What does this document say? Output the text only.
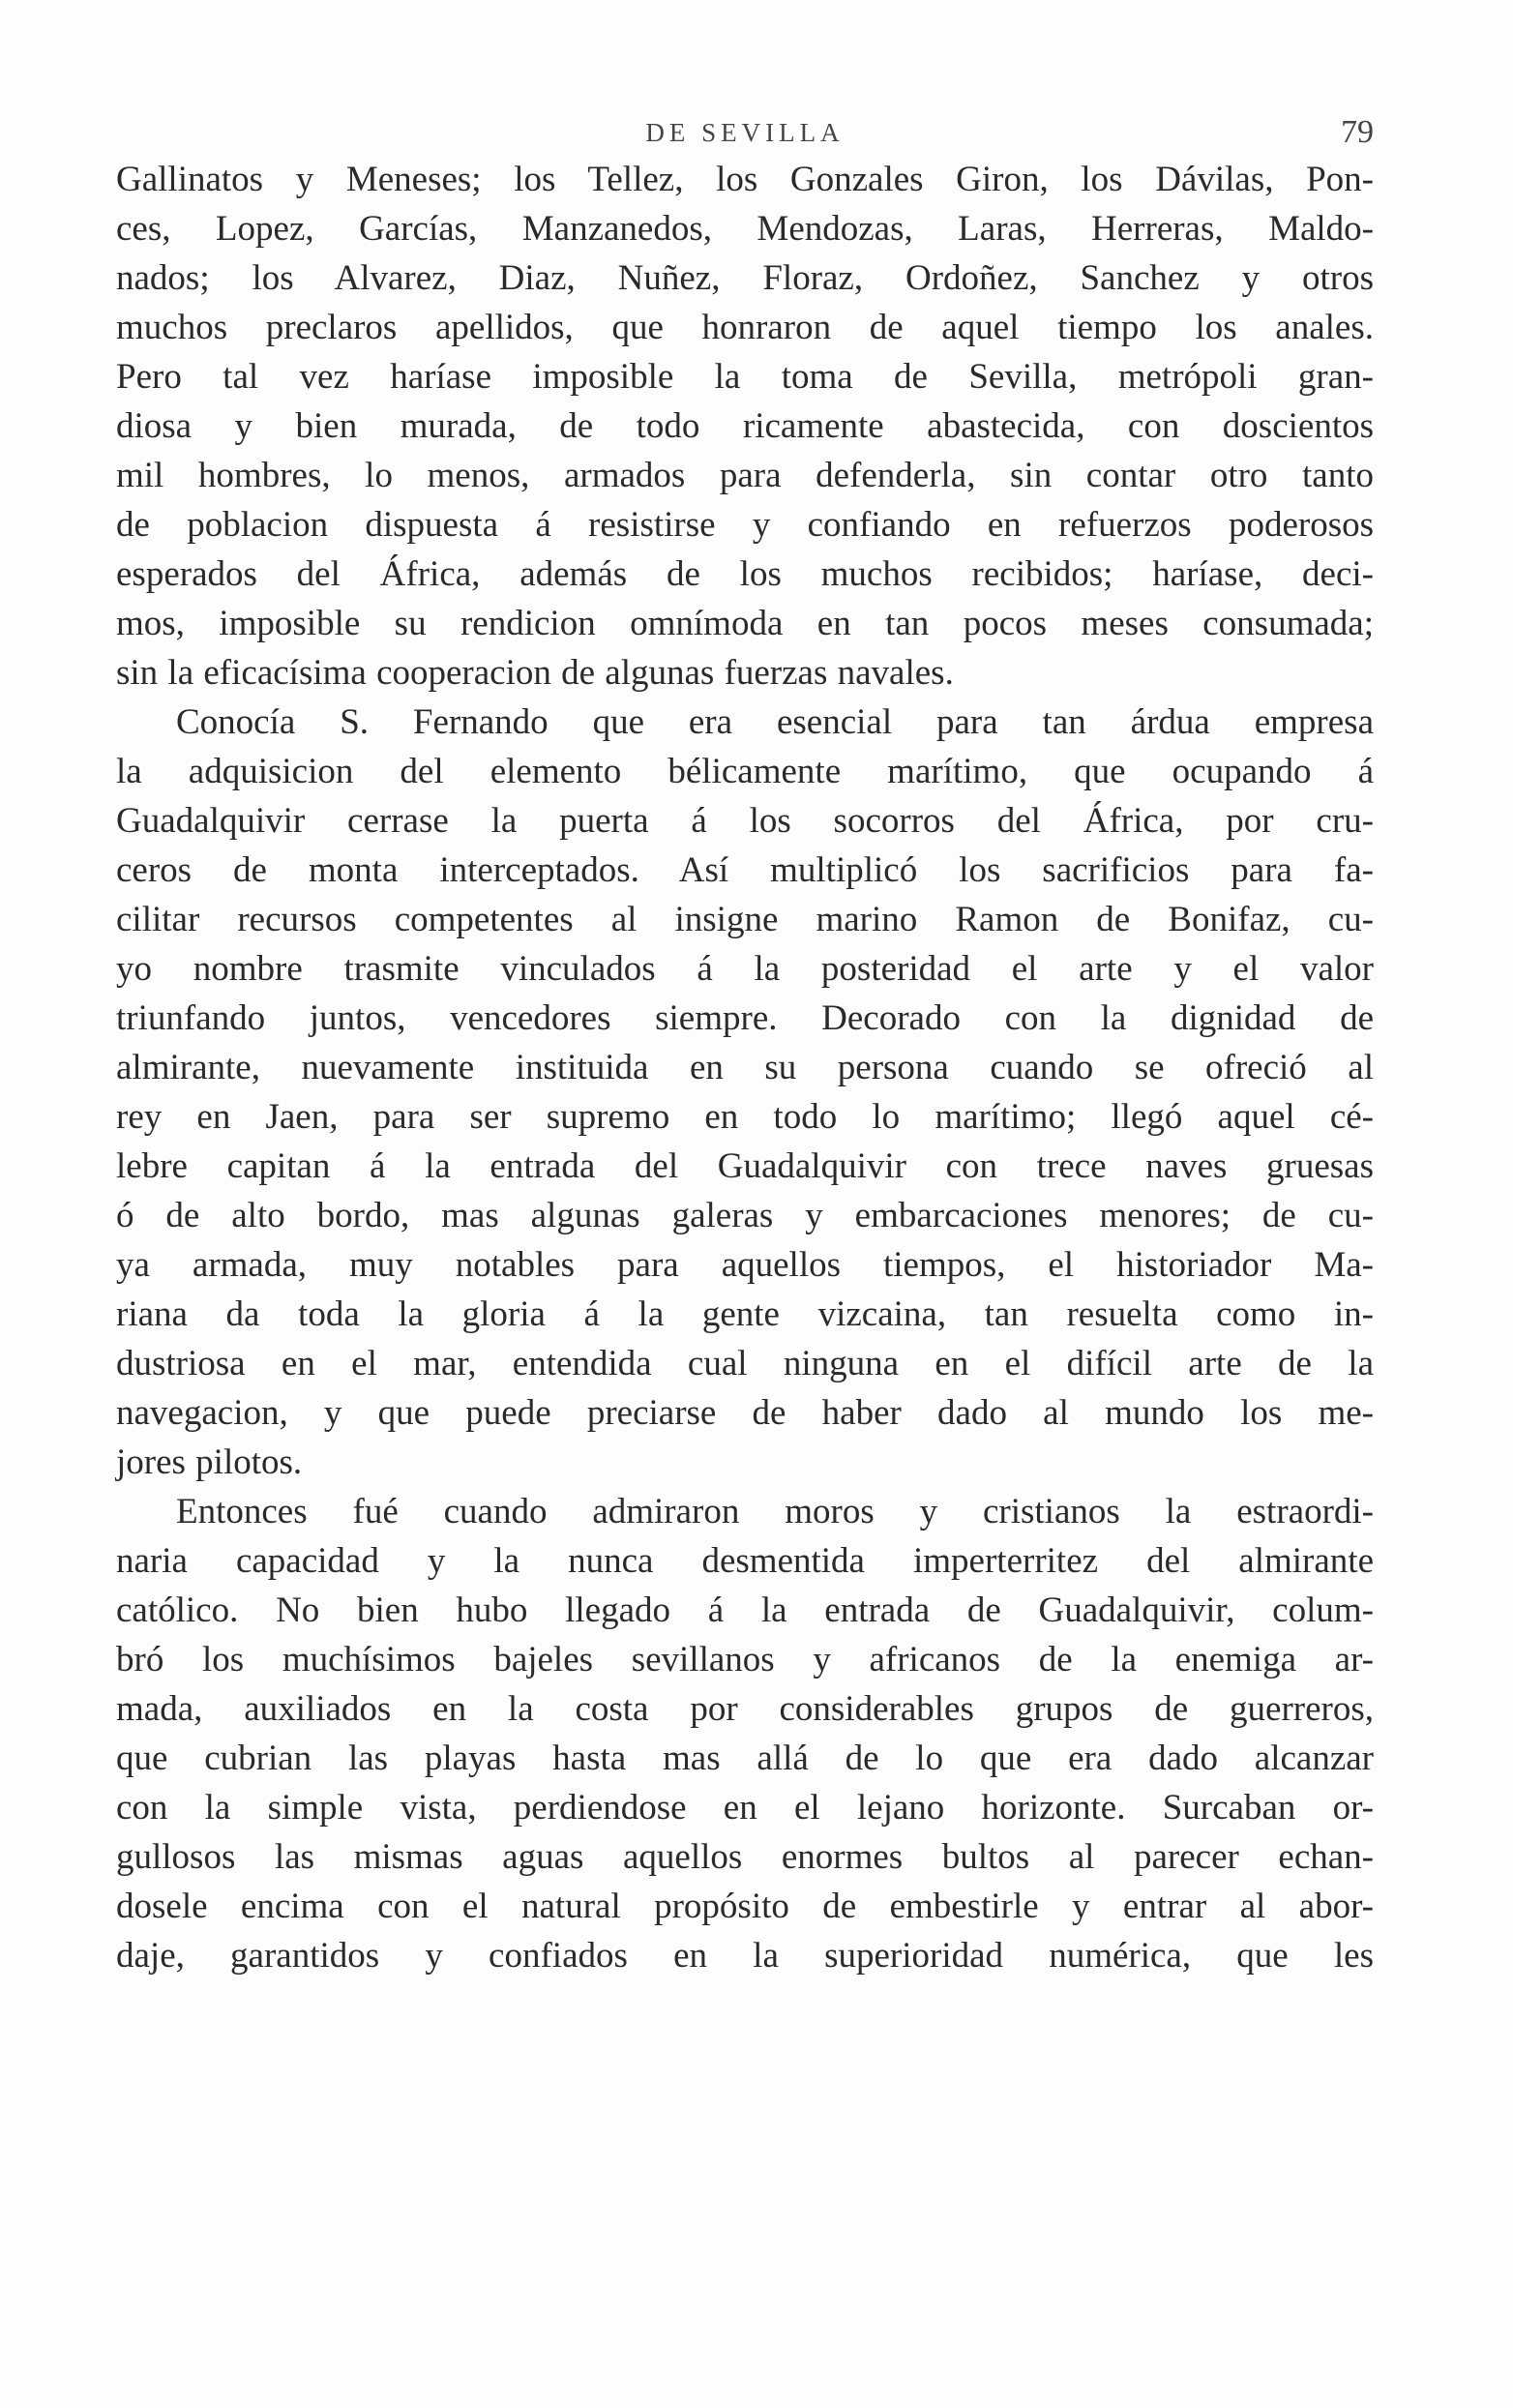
DE SEVILLA	79
Gallinatos y Meneses; los Tellez, los Gonzales Giron, los Dávilas, Pon-
ces, Lopez, Garcías, Manzanedos, Mendozas, Laras, Herreras, Maldo-
nados; los Alvarez, Diaz, Nuñez, Floraz, Ordoñez, Sanchez y otros
muchos preclaros apellidos, que honraron de aquel tiempo los anales.
Pero tal vez haríase imposible la toma de Sevilla, metrópoli gran-
diosa y bien murada, de todo ricamente abastecida, con doscientos
mil hombres, lo menos, armados para defenderla, sin contar otro tanto
de poblacion dispuesta á resistirse y confiando en refuerzos poderosos
esperados del África, además de los muchos recibidos; haríase, deci-
mos, imposible su rendicion omnímoda en tan pocos meses consumada;
sin la eficacísima cooperacion de algunas fuerzas navales.
Conocía S. Fernando que era esencial para tan árdua empresa
la adquisicion del elemento bélicamente marítimo, que ocupando á
Guadalquivir cerrase la puerta á los socorros del África, por cru-
ceros de monta interceptados. Así multiplicó los sacrificios para fa-
cilitar recursos competentes al insigne marino Ramon de Bonifaz, cu-
yo nombre trasmite vinculados á la posteridad el arte y el valor
triunfando juntos, vencedores siempre. Decorado con la dignidad de
almirante, nuevamente instituida en su persona cuando se ofreció al
rey en Jaen, para ser supremo en todo lo marítimo; llegó aquel cé-
lebre capitan á la entrada del Guadalquivir con trece naves gruesas
ó de alto bordo, mas algunas galeras y embarcaciones menores; de cu-
ya armada, muy notables para aquellos tiempos, el historiador Ma-
riana da toda la gloria á la gente vizcaina, tan resuelta como in-
dustriosa en el mar, entendida cual ninguna en el difícil arte de la
navegacion, y que puede preciarse de haber dado al mundo los me-
jores pilotos.
Entonces fué cuando admiraron moros y cristianos la estraordi-
naria capacidad y la nunca desmentida imperterritez del almirante
católico. No bien hubo llegado á la entrada de Guadalquivir, colum-
bró los muchísimos bajeles sevillanos y africanos de la enemiga ar-
mada, auxiliados en la costa por considerables grupos de guerreros,
que cubrian las playas hasta mas allá de lo que era dado alcanzar
con la simple vista, perdiendose en el lejano horizonte. Surcaban or-
gullosos las mismas aguas aquellos enormes bultos al parecer echan-
dosele encima con el natural propósito de embestirle y entrar al abor-
daje, garantidos y confiados en la superioridad numérica, que les
